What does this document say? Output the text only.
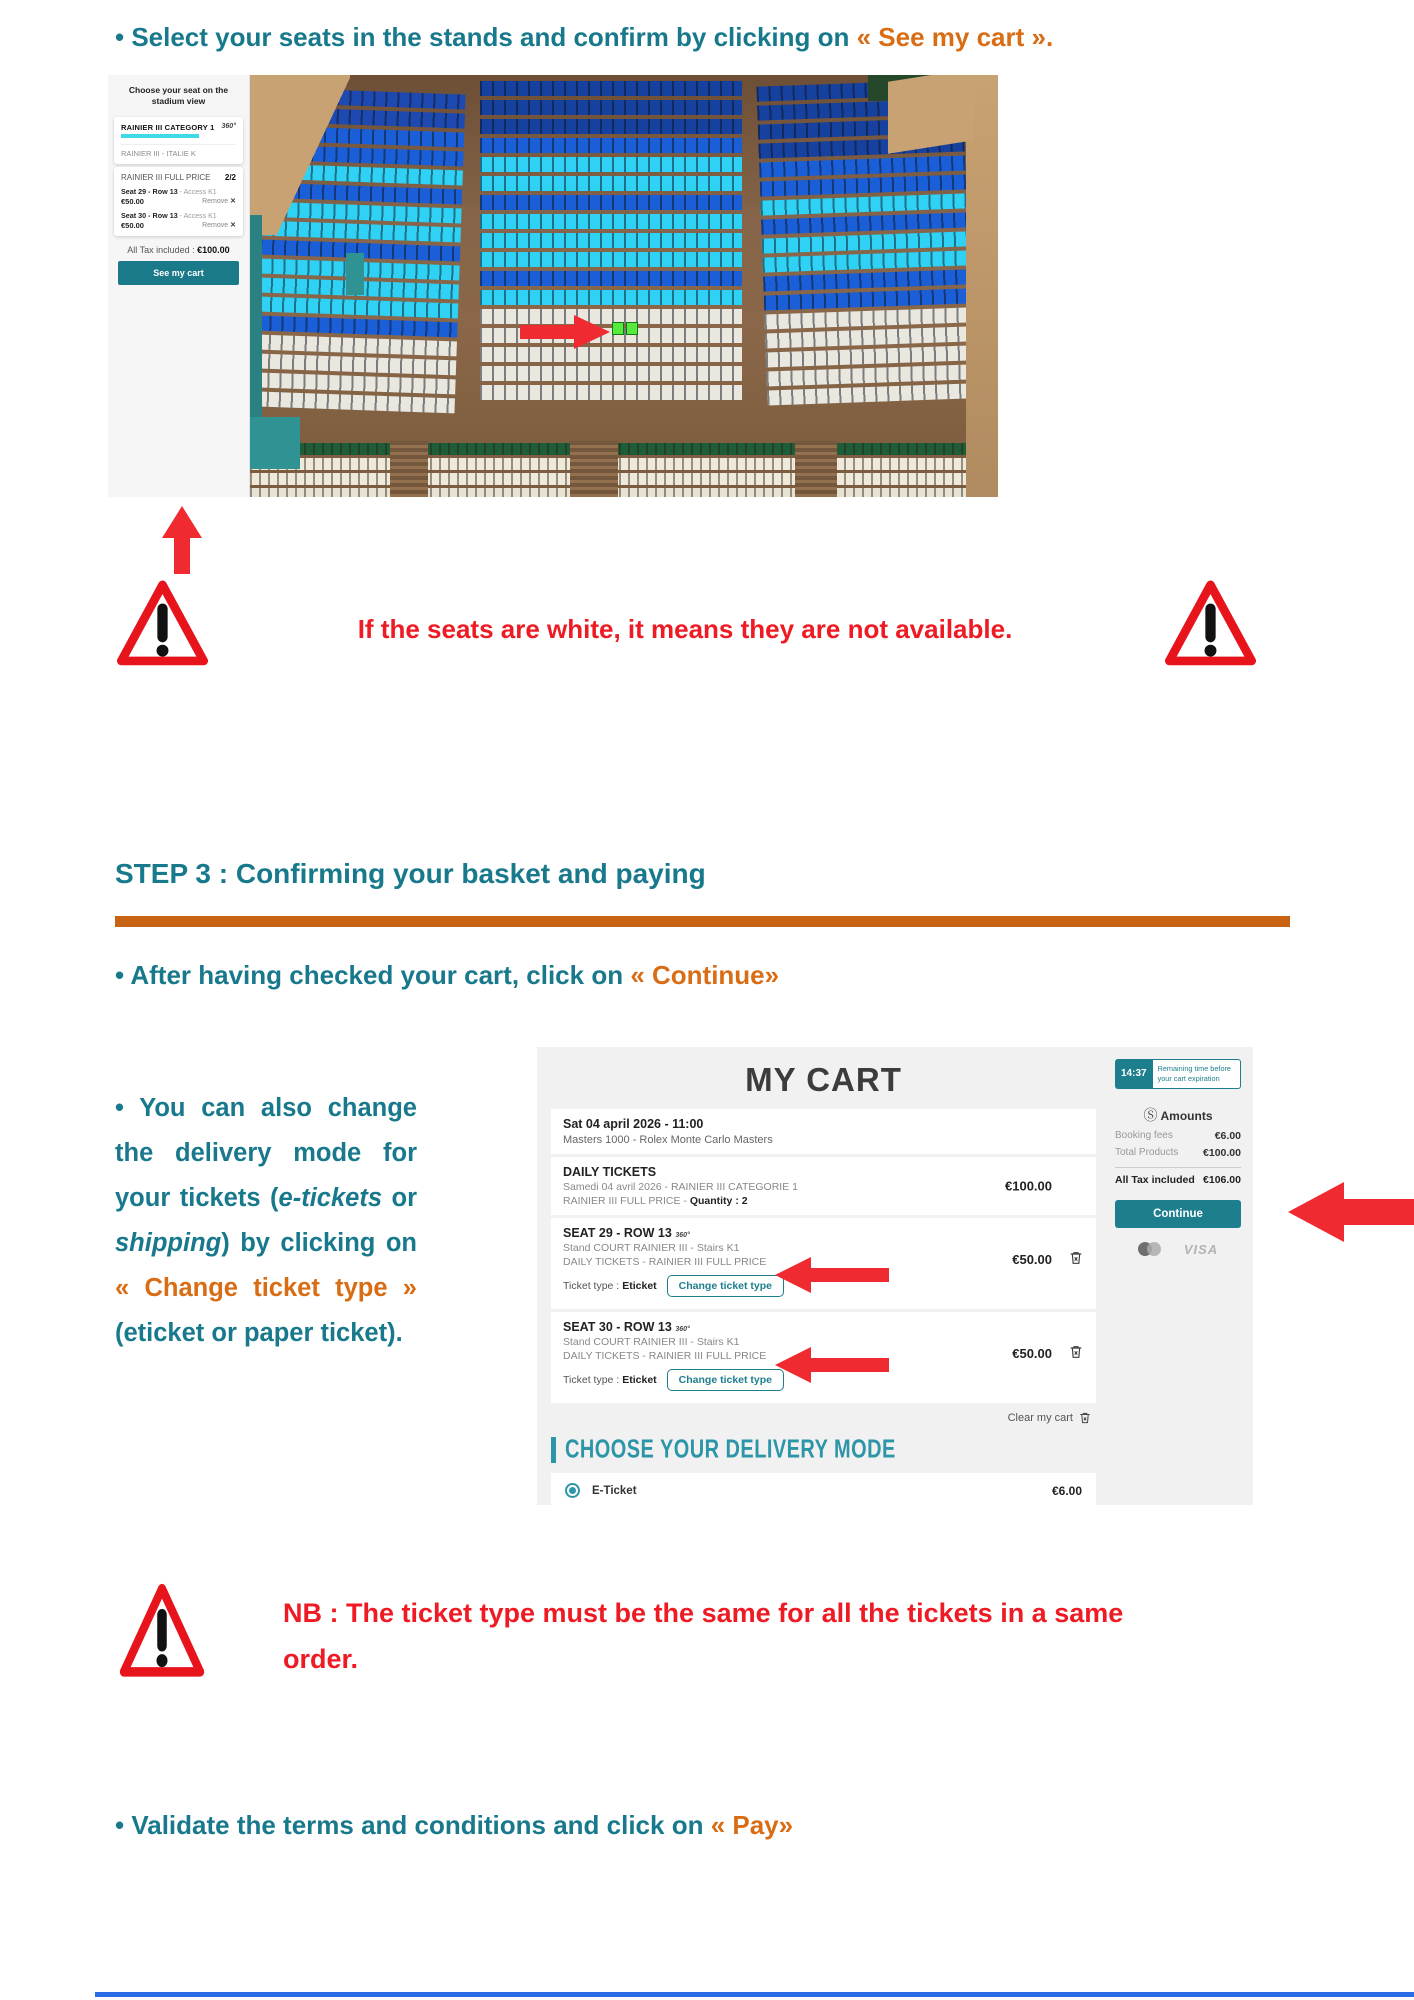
• Select your seats in the stands and confirm by clicking on « See my cart ».
Choose your seat on the stadium view
RAINIER III CATEGORY 1 360°
RAINIER III - ITALIE K
RAINIER III FULL PRICE 2/2
Seat 29 - Row 13 - Access K1
€50.00	Remove ✕
Seat 30 - Row 13 - Access K1
€50.00	Remove ✕
All Tax included : €100.00
See my cart
If the seats are white, it means they are not available.
STEP 3 : Confirming your basket and paying
• After having checked your cart, click on « Continue»
• You can also change the delivery mode for your tickets (e-tickets or shipping) by clicking on « Change ticket type » (eticket or paper ticket).
MY CART
Sat 04 april 2026 - 11:00
Masters 1000 - Rolex Monte Carlo Masters
DAILY TICKETS
Samedi 04 avril 2026 - RAINIER III CATEGORIE 1
RAINIER III FULL PRICE - Quantity : 2
€100.00
SEAT 29 - ROW 13 360°
Stand COURT RAINIER III - Stairs K1
DAILY TICKETS - RAINIER III FULL PRICE
Ticket type : Eticket	Change ticket type
€50.00
SEAT 30 - ROW 13 360°
Stand COURT RAINIER III - Stairs K1
DAILY TICKETS - RAINIER III FULL PRICE
Ticket type : Eticket	Change ticket type
€50.00
Clear my cart
CHOOSE YOUR DELIVERY MODE
E-Ticket	€6.00
14:37	Remaining time before your cart expiration
Ⓢ Amounts
Booking fees	€6.00
Total Products €100.00
All Tax included €106.00
Continue
VISA
NB : The ticket type must be the same for all the tickets in a same
order.
• Validate the terms and conditions and click on « Pay»
